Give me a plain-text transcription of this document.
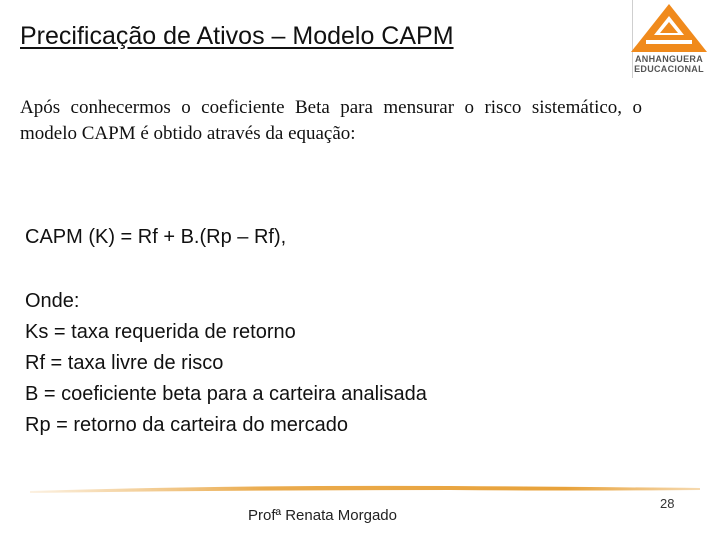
Precificação de Ativos – Modelo CAPM
ANHANGUERA
EDUCACIONAL
Após conhecermos o coeficiente Beta para mensurar o risco sistemático, o modelo CAPM é obtido através da equação:
CAPM (K) = Rf + B.(Rp – Rf),
Onde:
Ks = taxa requerida de retorno
Rf = taxa livre de risco
B = coeficiente beta para a carteira analisada
Rp = retorno da carteira do mercado
28
Profª Renata Morgado
